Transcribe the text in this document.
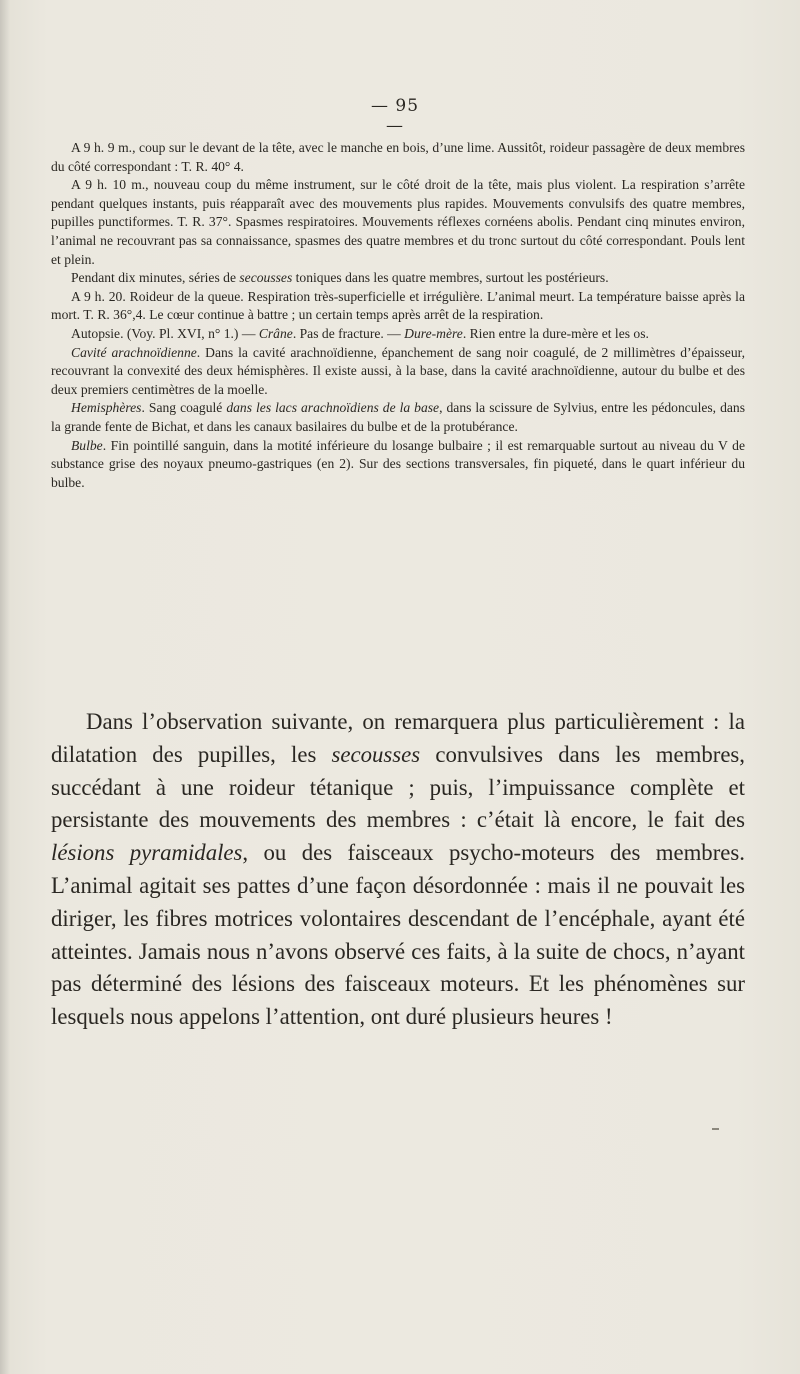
— 95 —

A 9 h. 9 m., coup sur le devant de la tête, avec le manche en bois, d’une lime. Aussitôt, roideur passagère de deux membres du côté correspondant : T. R. 40° 4.

A 9 h. 10 m., nouveau coup du même instrument, sur le côté droit de la tête, mais plus violent. La respiration s’arrête pendant quelques instants, puis réapparaît avec des mouvements plus rapides. Mouvements convulsifs des quatre membres, pupilles punctiformes. T. R. 37°. Spasmes respiratoires. Mouvements réflexes cornéens abolis. Pendant cinq minutes environ, l’animal ne recouvrant pas sa connaissance, spasmes des quatre membres et du tronc surtout du côté correspondant. Pouls lent et plein.

Pendant dix minutes, séries de secousses toniques dans les quatre membres, surtout les postérieurs.

A 9 h. 20. Roideur de la queue. Respiration très-superficielle et irrégulière. L’animal meurt. La température baisse après la mort. T. R. 36°,4. Le cœur continue à battre ; un certain temps après arrêt de la respiration.

Autopsie. (Voy. Pl. XVI, n° 1.) — Crâne. Pas de fracture. — Dure-mère. Rien entre la dure-mère et les os.

Cavité arachnoïdienne. Dans la cavité arachnoïdienne, épanchement de sang noir coagulé, de 2 millimètres d’épaisseur, recouvrant la convexité des deux hémisphères. Il existe aussi, à la base, dans la cavité arachnoïdienne, autour du bulbe et des deux premiers centimètres de la moelle.

Hemisphères. Sang coagulé dans les lacs arachnoïdiens de la base, dans la scissure de Sylvius, entre les pédoncules, dans la grande fente de Bichat, et dans les canaux basilaires du bulbe et de la protubérance.

Bulbe. Fin pointillé sanguin, dans la motité inférieure du losange bulbaire ; il est remarquable surtout au niveau du V de substance grise des noyaux pneumo-gastriques (en 2). Sur des sections transversales, fin piqueté, dans le quart inférieur du bulbe.

Dans l’observation suivante, on remarquera plus particulièrement : la dilatation des pupilles, les secousses convulsives dans les membres, succédant à une roideur tétanique ; puis, l’impuissance complète et persistante des mouvements des membres : c’était là encore, le fait des lésions pyramidales, ou des faisceaux psycho-moteurs des membres. L’animal agitait ses pattes d’une façon désordonnée : mais il ne pouvait les diriger, les fibres motrices volontaires descendant de l’encéphale, ayant été atteintes. Jamais nous n’avons observé ces faits, à la suite de chocs, n’ayant pas déterminé des lésions des faisceaux moteurs. Et les phénomènes sur lesquels nous appelons l’attention, ont duré plusieurs heures !
